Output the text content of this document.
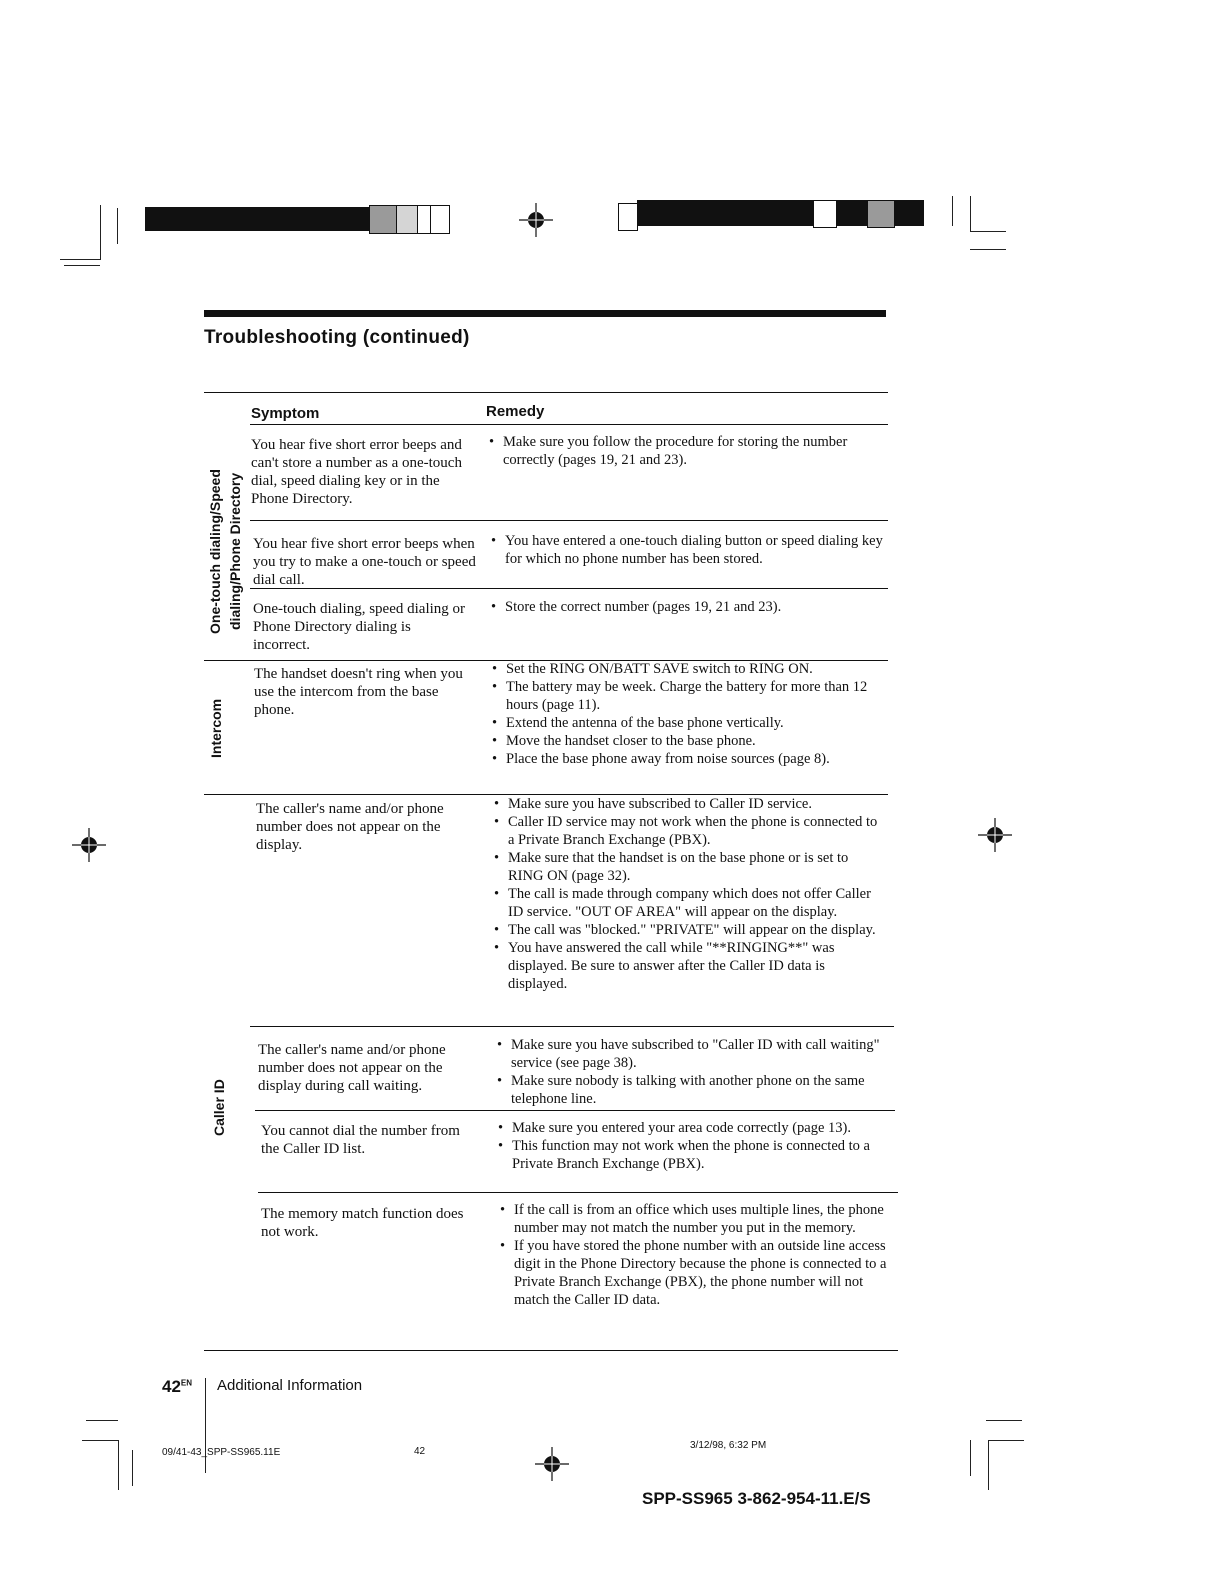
Troubleshooting (continued)
Symptom	Remedy
One-touch dialing/Speed dialing/Phone Directory
Intercom
Caller ID
You hear five short error beeps and can't store a number as a one-touch dial, speed dialing key or in the Phone Directory.
• Make sure you follow the procedure for storing the number correctly (pages 19, 21 and 23).
You hear five short error beeps when you try to make a one-touch or speed dial call.
• You have entered a one-touch dialing button or speed dialing key for which no phone number has been stored.
One-touch dialing, speed dialing or Phone Directory dialing is incorrect.
• Store the correct number (pages 19, 21 and 23).
The handset doesn't ring when you use the intercom from the base phone.
• Set the RING ON/BATT SAVE switch to RING ON.
• The battery may be week. Charge the battery for more than 12 hours (page 11).
• Extend the antenna of the base phone vertically.
• Move the handset closer to the base phone.
• Place the base phone away from noise sources (page 8).
The caller's name and/or phone number does not appear on the display.
• Make sure you have subscribed to Caller ID service.
• Caller ID service may not work when the phone is connected to a Private Branch Exchange (PBX).
• Make sure that the handset is on the base phone or is set to RING ON (page 32).
• The call is made through company which does not offer Caller ID service. "OUT OF AREA" will appear on the display.
• The call was "blocked." "PRIVATE" will appear on the display.
• You have answered the call while "**RINGING**" was displayed. Be sure to answer after the Caller ID data is displayed.
The caller's name and/or phone number does not appear on the display during call waiting.
• Make sure you have subscribed to "Caller ID with call waiting" service (see page 38).
• Make sure nobody is talking with another phone on the same telephone line.
You cannot dial the number from the Caller ID list.
• Make sure you entered your area code correctly (page 13).
• This function may not work when the phone is connected to a Private Branch Exchange (PBX).
The memory match function does not work.
• If the call is from an office which uses multiple lines, the phone number may not match the number you put in the memory.
• If you have stored the phone number with an outside line access digit in the Phone Directory because the phone is connected to a Private Branch Exchange (PBX), the phone number will not match the Caller ID data.
$42^{EN}$ Additional Information
09/41-43_SPP-SS965.11E	42
3/12/98, 6:32 PM
SPP-SS965 3-862-954-11.E/S
